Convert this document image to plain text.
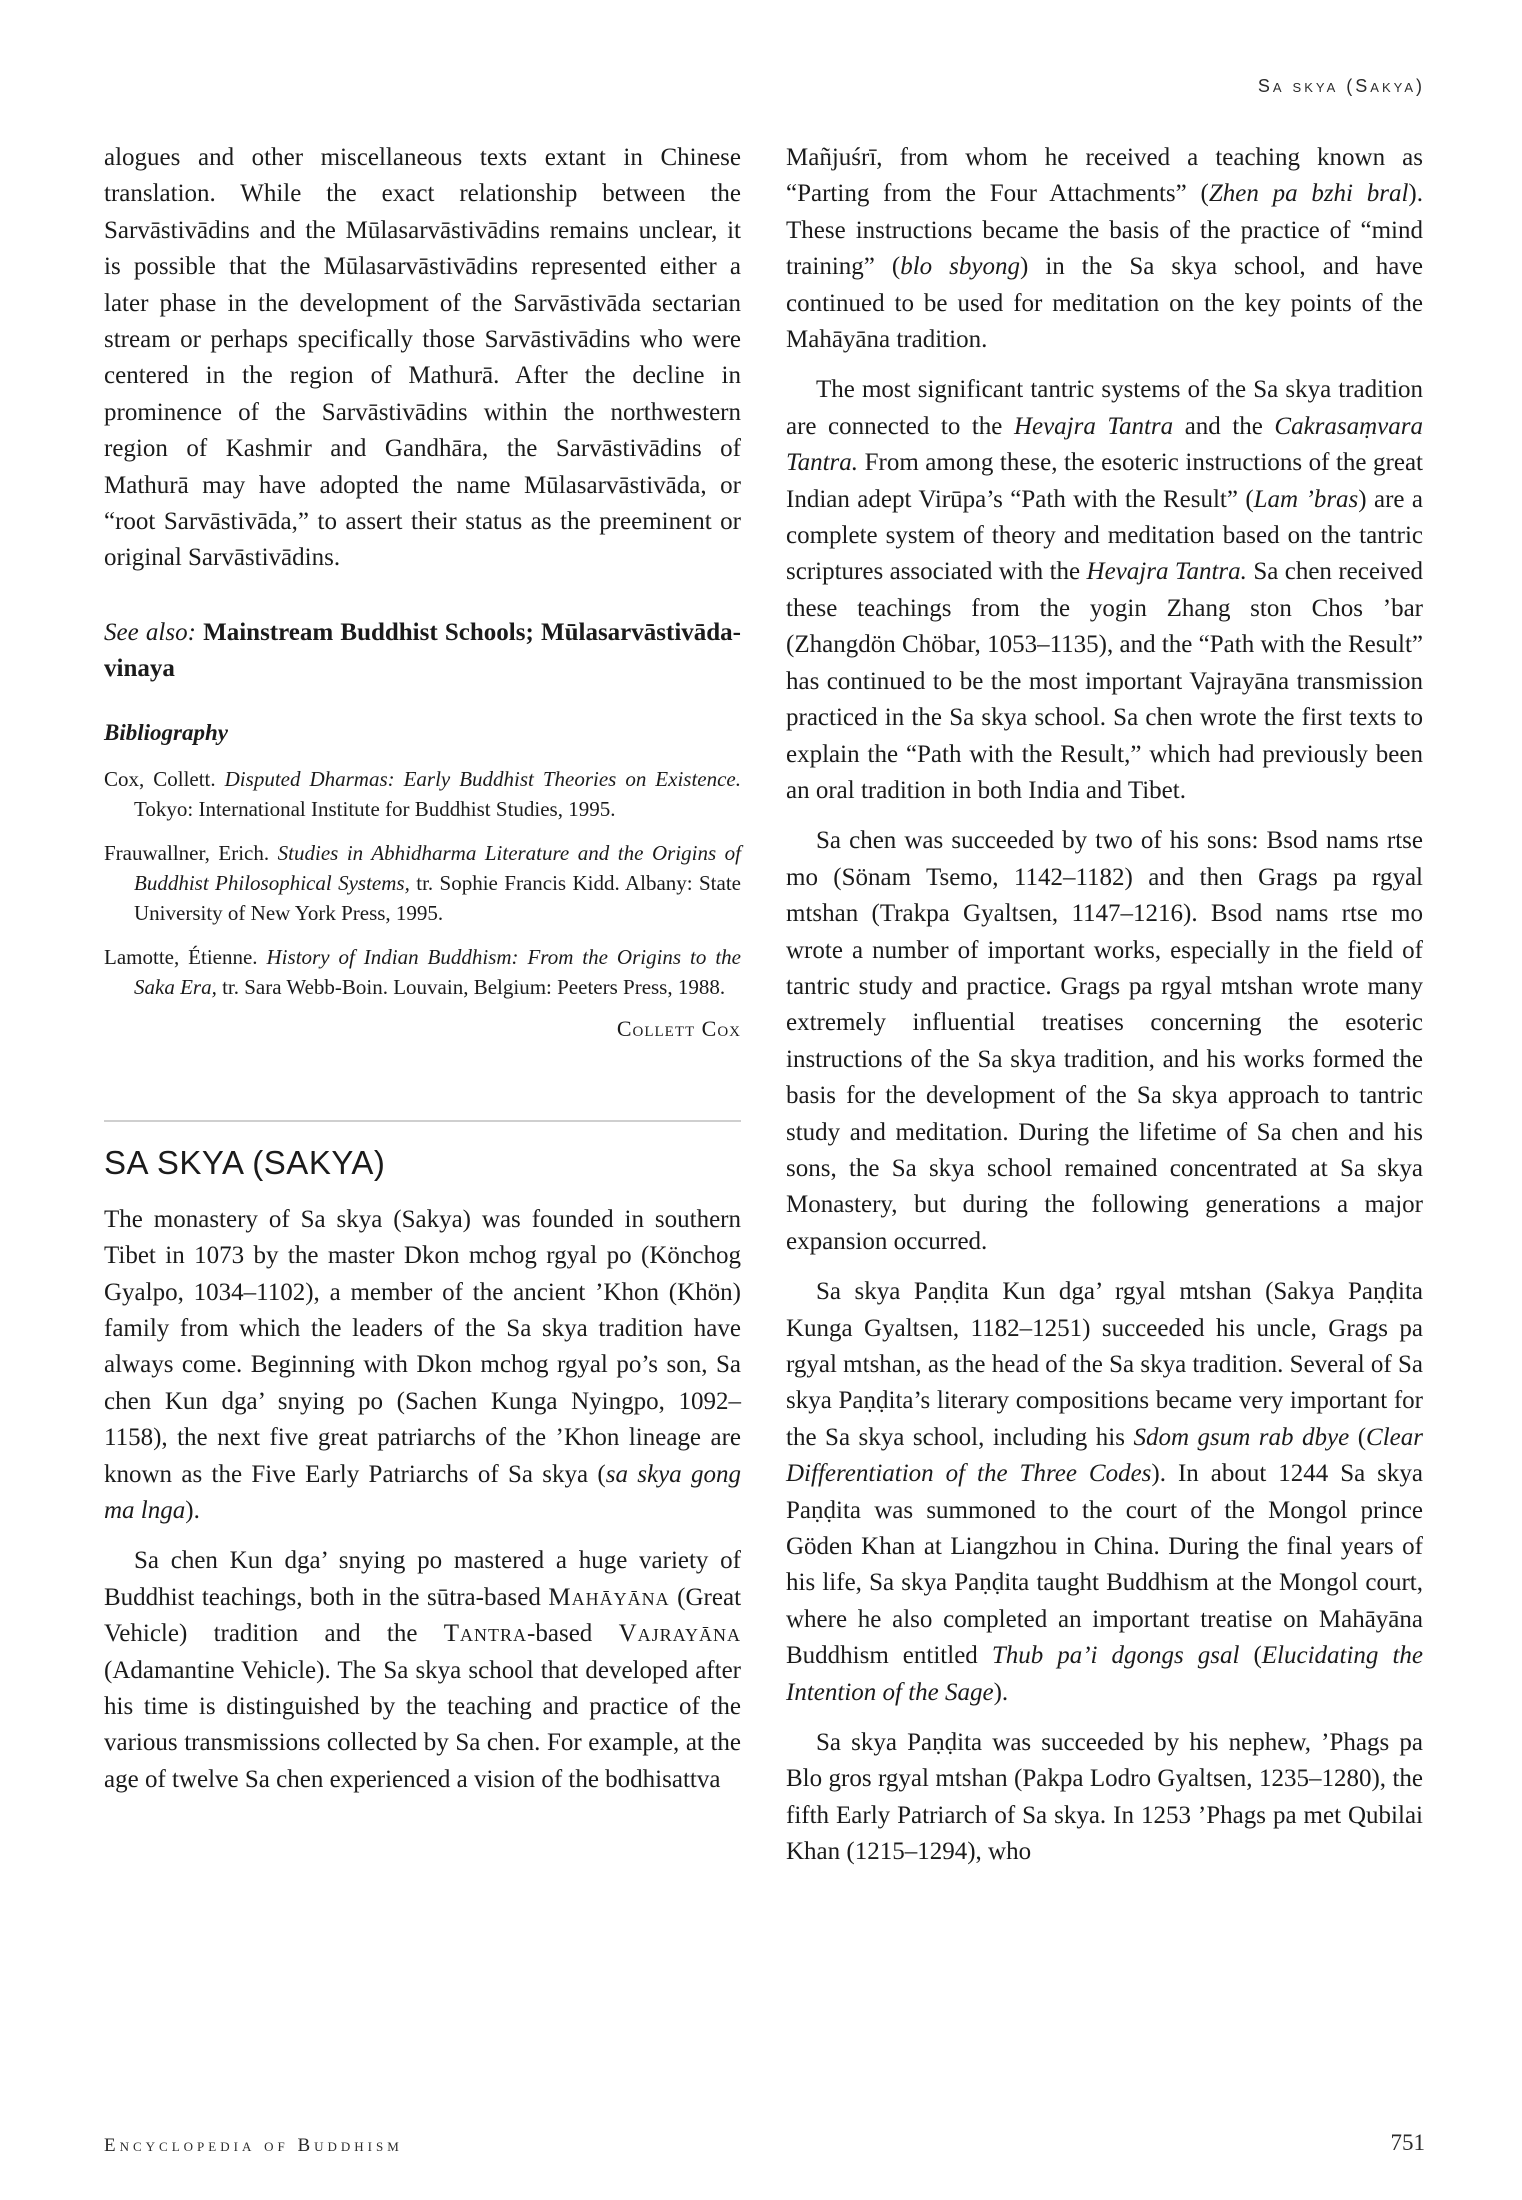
Sa skya (Sakya)

alogues and other miscellaneous texts extant in Chinese translation. While the exact relationship between the Sarvāstivādins and the Mūlasarvāstivādins remains unclear, it is possible that the Mūlasarvāstivādins represented either a later phase in the development of the Sarvāstivāda sectarian stream or perhaps specifically those Sarvāstivādins who were centered in the region of Mathurā. After the decline in prominence of the Sarvāstivādins within the northwestern region of Kashmir and Gandhāra, the Sarvāstivādins of Mathurā may have adopted the name Mūlasarvāstivāda, or “root Sarvāstivāda,” to assert their status as the preeminent or original Sarvāstivādins.

See also: Mainstream Buddhist Schools; Mūlasarvāstivāda-vinaya

Bibliography
Cox, Collett. Disputed Dharmas: Early Buddhist Theories on Existence. Tokyo: International Institute for Buddhist Studies, 1995.
Frauwallner, Erich. Studies in Abhidharma Literature and the Origins of Buddhist Philosophical Systems, tr. Sophie Francis Kidd. Albany: State University of New York Press, 1995.
Lamotte, Étienne. History of Indian Buddhism: From the Origins to the Saka Era, tr. Sara Webb-Boin. Louvain, Belgium: Peeters Press, 1988.
Collett Cox
SA SKYA (SAKYA)

The monastery of Sa skya (Sakya) was founded in southern Tibet in 1073 by the master Dkon mchog rgyal po (Könchog Gyalpo, 1034–1102), a member of the ancient ’Khon (Khön) family from which the leaders of the Sa skya tradition have always come. Beginning with Dkon mchog rgyal po’s son, Sa chen Kun dga’ snying po (Sachen Kunga Nyingpo, 1092–1158), the next five great patriarchs of the ’Khon lineage are known as the Five Early Patriarchs of Sa skya (sa skya gong ma lnga).

Sa chen Kun dga’ snying po mastered a huge variety of Buddhist teachings, both in the sūtra-based Mahāyāna (Great Vehicle) tradition and the Tantra-based Vajrayāna (Adamantine Vehicle). The Sa skya school that developed after his time is distinguished by the teaching and practice of the various transmissions collected by Sa chen. For example, at the age of twelve Sa chen experienced a vision of the bodhisattva

Mañjuśrī, from whom he received a teaching known as “Parting from the Four Attachments” (Zhen pa bzhi bral). These instructions became the basis of the practice of “mind training” (blo sbyong) in the Sa skya school, and have continued to be used for meditation on the key points of the Mahāyāna tradition.

The most significant tantric systems of the Sa skya tradition are connected to the Hevajra Tantra and the Cakrasaṃvara Tantra. From among these, the esoteric instructions of the great Indian adept Virūpa’s “Path with the Result” (Lam ’bras) are a complete system of theory and meditation based on the tantric scriptures associated with the Hevajra Tantra. Sa chen received these teachings from the yogin Zhang ston Chos ’bar (Zhangdön Chöbar, 1053–1135), and the “Path with the Result” has continued to be the most important Vajrayāna transmission practiced in the Sa skya school. Sa chen wrote the first texts to explain the “Path with the Result,” which had previously been an oral tradition in both India and Tibet.

Sa chen was succeeded by two of his sons: Bsod nams rtse mo (Sönam Tsemo, 1142–1182) and then Grags pa rgyal mtshan (Trakpa Gyaltsen, 1147–1216). Bsod nams rtse mo wrote a number of important works, especially in the field of tantric study and practice. Grags pa rgyal mtshan wrote many extremely influential treatises concerning the esoteric instructions of the Sa skya tradition, and his works formed the basis for the development of the Sa skya approach to tantric study and meditation. During the lifetime of Sa chen and his sons, the Sa skya school remained concentrated at Sa skya Monastery, but during the following generations a major expansion occurred.

Sa skya Paṇḍita Kun dga’ rgyal mtshan (Sakya Paṇḍita Kunga Gyaltsen, 1182–1251) succeeded his uncle, Grags pa rgyal mtshan, as the head of the Sa skya tradition. Several of Sa skya Paṇḍita’s literary compositions became very important for the Sa skya school, including his Sdom gsum rab dbye (Clear Differentiation of the Three Codes). In about 1244 Sa skya Paṇḍita was summoned to the court of the Mongol prince Göden Khan at Liangzhou in China. During the final years of his life, Sa skya Paṇḍita taught Buddhism at the Mongol court, where he also completed an important treatise on Mahāyāna Buddhism entitled Thub pa’i dgongs gsal (Elucidating the Intention of the Sage).

Sa skya Paṇḍita was succeeded by his nephew, ’Phags pa Blo gros rgyal mtshan (Pakpa Lodro Gyaltsen, 1235–1280), the fifth Early Patriarch of Sa skya. In 1253 ’Phags pa met Qubilai Khan (1215–1294), who

Encyclopedia of Buddhism	751
